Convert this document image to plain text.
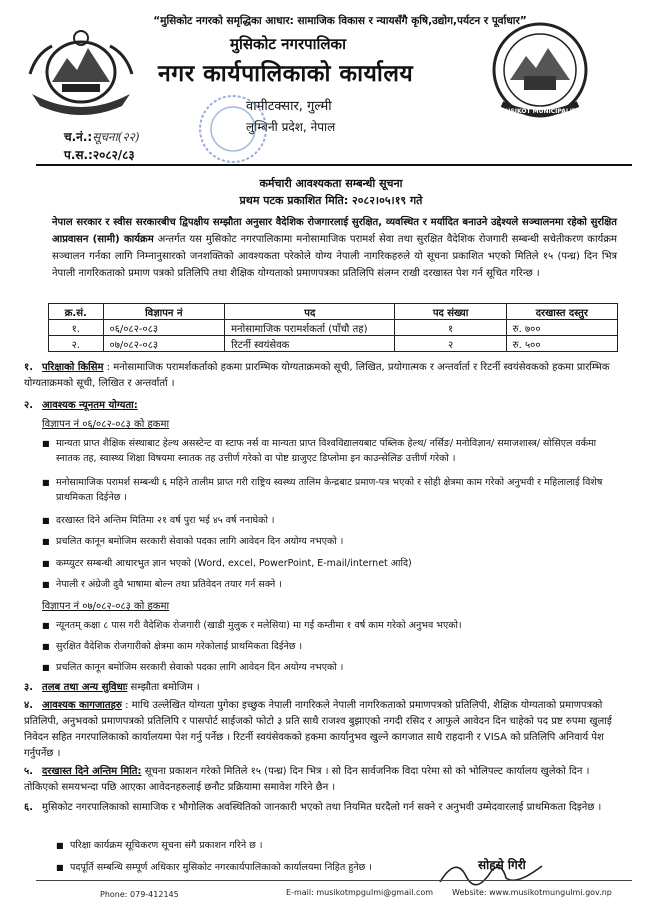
“मुसिकोट नगरको समृद्धिका आधार: सामाजिक विकास र न्यायसँगै कृषि,उद्योग,पर्यटन र पूर्वाधार”
मुसिकोट नगरपालिका
नगर कार्यपालिकाको कार्यालय
वामीटक्सार, गुल्मी
लुम्बिनी प्रदेश, नेपाल
MUSIKOT MUNICIPALITY
च.नं.:सूचना(२२)
प.स.:२०८२/८३
कर्मचारी आवश्यकता सम्बन्धी सूचना
प्रथम पटक प्रकाशित मिति: २०८२।०५।१९ गते
नेपाल सरकार र स्वीस सरकारबीच द्विपक्षीय सम्झौता अनुसार वैदेशिक रोजगारलाई सुरक्षित, व्यवस्थित र मर्यादित बनाउने उद्देश्यले सञ्चालनमा रहेको सुरक्षित आप्रवासन (सामी) कार्यक्रम अन्तर्गत यस मुसिकोट नगरपालिकामा मनोसामाजिक परामर्श सेवा तथा सुरक्षित वैदेशिक रोजगारी सम्बन्धी सचेतीकरण कार्यक्रम सञ्चालन गर्नका लागि निम्नानुसारको जनशक्तिको आवश्यकता परेकोले योग्य नेपाली नागरिकहरुले यो सूचना प्रकाशित भएको मितिले १५ (पन्ध्र) दिन भित्र नेपाली नागरिकताको प्रमाण पत्रको प्रतिलिपि तथा शैक्षिक योग्यताको प्रमाणपत्रका प्रतिलिपि संलग्न राखी दरखास्त पेश गर्न सूचित गरिन्छ ।
क्र.सं.	विज्ञापन नं	पद	पद संख्या	दरखास्त दस्तुर
१.	०६/०८२-०८३	मनोसामाजिक परामर्शकर्ता (पाँचौ तह)	१	रु. ७००
२.	०७/०८२-०८३	रिटर्नी स्वयंसेवक	२	रु. ५००
१. परिक्षाको किसिम : मनोसामाजिक परामर्शकर्ताको हकमा प्रारम्भिक योग्यताक्रमको सूची, लिखित, प्रयोगात्मक र अन्तर्वार्ता र रिटर्नी स्वयंसेवकको हकमा प्रारम्भिक योग्यताक्रमको सूची, लिखित र अन्तर्वार्ता ।
२. आवश्यक न्यूनतम योग्यता:
विज्ञापन नं ०६/०८२-०८३ को हकमा
■ मान्यता प्राप्त शैक्षिक संस्थाबाट हेल्थ असस्टेन्ट वा स्टाफ नर्स वा मान्यता प्राप्त विश्वविद्यालयबाट पब्लिक हेल्थ/ नर्सिङ/ मनोविज्ञान/ समाजशास्त्र/ सोसिएल वर्कमा स्नातक तह, स्वास्थ्य शिक्षा विषयमा स्नातक तह उत्तीर्ण गरेको वा पोष्ट ग्राजुएट डिप्लोमा इन काउन्सेलिङ उत्तीर्ण गरेको ।
■ मनोसामाजिक परामर्श सम्बन्धी ६ महिने तालीम प्राप्त गरी राष्ट्रिय स्वस्थ्य तालिम केन्द्रबाट प्रमाण-पत्र भएको र सोही क्षेत्रमा काम गरेको अनुभवी र महिलालाई विशेष प्राथमिकता दिईनेछ ।
■ दरखास्त दिने अन्तिम मितिमा २१ वर्ष पुरा भई ४५ वर्ष ननाघेको ।
■ प्रचलित कानून बमोजिम सरकारी सेवाको पदका लागि आवेदन दिन अयोग्य नभएको ।
■ कम्प्युटर सम्बन्धी आधारभुत ज्ञान भएको (Word, excel, PowerPoint, E-mail/internet आदि)
■ नेपाली र अंग्रेजी दुवै भाषामा बोल्न तथा प्रतिवेदन तयार गर्न सक्ने ।
विज्ञापन नं ०७/०८२-०८३ को हकमा
■ न्यूनतम् कक्षा ८ पास गरी वैदेशिक रोजगारी (खाडी मुलुक र मलेसिया) मा गई कम्तीमा १ वर्ष काम गरेको अनुभव भएको।
■ सुरक्षित वैदेशिक रोजगारीको क्षेत्रमा काम गरेकोलाई प्राथमिकता दिईनेछ ।
■ प्रचलित कानून बमोजिम सरकारी सेवाको पदका लागि आवेदन दिन अयोग्य नभएको ।
३. तलब तथा अन्य सुविधाः सम्झौता बमोजिम ।
४. आवश्यक कागजातहरु : माथि उल्लेखित योग्यता पुगेका इच्छुक नेपाली नागरिकले नेपाली नागरिकताको प्रमाणपत्रको प्रतिलिपी, शैक्षिक योग्यताको प्रमाणपत्रको प्रतिलिपी, अनुभवको प्रमाणपत्रको प्रतिलिपि र पासपोर्ट साईजको फोटो ३ प्रति साथै राजश्व बुझाएको नगदी रसिद र आफुले आवेदन दिन चाहेको पद प्रष्ट रुपमा खुलाई निवेदन सहित नगरपालिकाको कार्यालयमा पेश गर्नु पर्नेछ । रिटर्नी स्वयंसेवकको हकमा कार्यानुभव खुल्ने कागजात साथै राहदानी र VISA को प्रतिलिपि अनिवार्य पेश गर्नुपर्नेछ ।
५. दरखास्त दिने अन्तिम मिति: सूचना प्रकाशन गरेको मितिले १५ (पन्ध्र) दिन भित्र । सो दिन सार्वजनिक विदा परेमा सो को भोलिपल्ट कार्यालय खुलेको दिन । तोकिएको समयभन्दा पछि आएका आवेदनहरुलाई छनौट प्रक्रियामा समावेश गरिने छैन ।
६. मुसिकोट नगरपालिकाको सामाजिक र भौगोलिक अवस्थितिको जानकारी भएको तथा नियमित घरदैलो गर्न सक्ने र अनुभवी उम्मेदवारलाई प्राथमिकता दिइनेछ ।
■ परिक्षा कार्यक्रम सूचिकरण सूचना संगै प्रकाशन गरिने छ ।
■ पदपूर्ति सम्बन्धि सम्पूर्ण अधिकार मुसिकोट नगरकार्यपालिकाको कार्यालयमा निहित हुनेछ ।	सोहसे गिरी
Phone: 079-412145	E-mail: musikotmpgulmi@gmail.com Website: www.musikotmungulmi.gov.np
